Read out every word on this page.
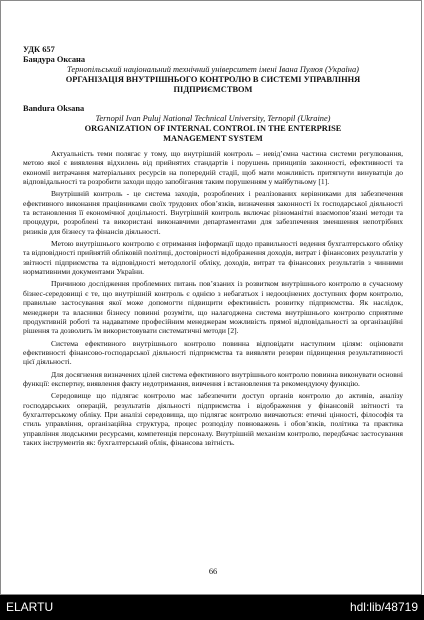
УДК 657

Бандура Оксана

Тернопільський національний технічний університет імені Івана Пулюя (Україна)

ОРГАНІЗАЦІЯ ВНУТРІШНЬОГО КОНТРОЛЮ В СИСТЕМІ УПРАВЛІННЯ

ПІДПРИЄМСТВОМ

Bandura Oksana

Ternopil Ivan Puluj National Technical University, Ternopil (Ukraine)

ORGANIZATION OF INTERNAL CONTROL IN THE ENTERPRISE

MANAGEMENT SYSTEM

Актуальність теми полягає у тому, що внутрішній контроль – невід’ємна частина системи регулювання, метою якої є виявлення відхилень від прийнятих стандартів і порушень принципів законності, ефективності та економії витрачання матеріальних ресурсів на попередній стадії, щоб мати можливість притягнути винуватців до відповідальності та розробити заходи щодо запобігання таким порушенням у майбутньому [1].

Внутрішній контроль - це система заходів, розроблених і реалізованих керівниками для забезпечення ефективного виконання працівниками своїх трудових обов’язків, визначення законності їх господарської діяльності та встановлення її економічної доцільності. Внутрішній контроль включає різноманітні взаємопов’язані методи та процедури, розроблені та використані виконавчими департаментами для забезпечення зменшення непотрібних ризиків для бізнесу та фінансів діяльності.

Метою внутрішнього контролю є отримання інформації щодо правильності ведення бухгалтерського обліку та відповідності прийнятій обліковій політиці, достовірності відображення доходів, витрат і фінансових результатів у звітності підприємства та відповідності методології обліку, доходів, витрат та фінансових результатів з чинними нормативними документами України.

Причиною дослідження проблемних питань пов’язаних із розвитком внутрішнього контролю в сучасному бізнес-середовищі є те, що внутрішній контроль є однією з небагатьох і недооцінених доступних форм контролю, правильне застосування якої може допомогти підвищити ефективність розвитку підприємства. Як наслідок, менеджери та власники бізнесу повинні розуміти, що налагоджена система внутрішнього контролю сприятиме продуктивній роботі та надаватиме професійним менеджерам можливість прямої відповідальності за організаційні рішення та дозволить їм використовувати систематичні методи [2].

Система ефективного внутрішнього контролю повинна відповідати наступним цілям: оцінювати ефективності фінансово-господарської діяльності підприємства та виявляти резерви підвищення результативності цієї діяльності.

Для досягнення визначених цілей система ефективного внутрішнього контролю повинна виконувати основні функції: експертну, виявлення факту недотримання, вивчення і встановлення та рекомендуючу функцію.

Середовище що підлягає контролю має забезпечити доступ органів контролю до активів, аналізу господарських операцій, результатів діяльності підприємства і відображення у фінансовій звітності та бухгалтерському обліку. При аналізі середовища, що підлягає контролю вивчаються: етичні цінності, філософія та стиль управління, організаційна структура, процес розподілу повноважень і обов’язків, політика та практика управління людськими ресурсами, компетенція персоналу. Внутрішній механізм контролю, передбачає застосування таких інструментів як: бухгалтерський облік, фінансова звітність.

66
ELARTU	hdl:lib/48719
